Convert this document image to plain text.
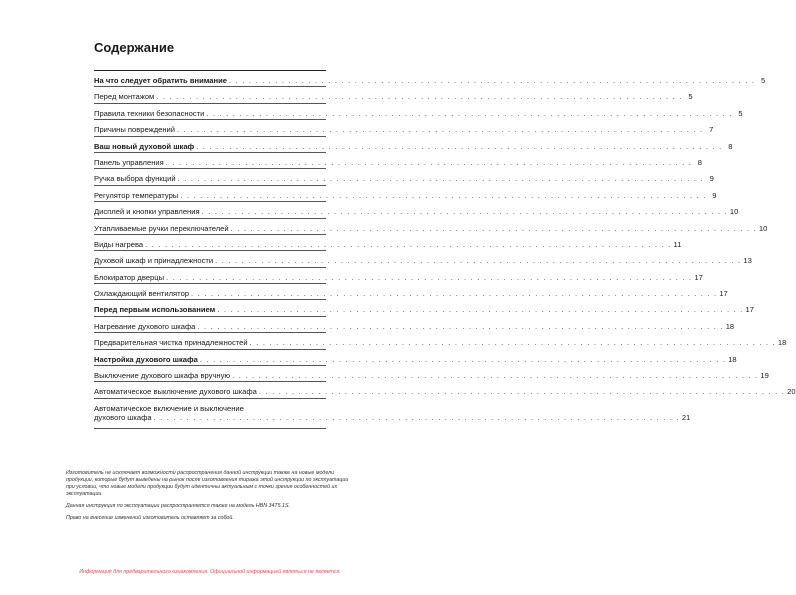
Содержание
На что следует обратить внимание . . . . . . . . . . . . . . . . . . . . . . . . . . . . . . . . . . . . . . . . . . . . . . . . . . . . . . . . . . . . . . . . . . . . . . . . . . . . . . . . 5
Перед монтажом . . . . . . . . . . . . . . . . . . . . . . . . . . . . . . . . . . . . . . . . . . . . . . . . . . . . . . . . . . . . . . . . . . . . . . . . . . . . . . . . 5
Правила техники безопасности . . . . . . . . . . . . . . . . . . . . . . . . . . . . . . . . . . . . . . . . . . . . . . . . . . . . . . . . . . . . . . . . . . . . . . . . . . . . . . . . 5
Причины повреждений . . . . . . . . . . . . . . . . . . . . . . . . . . . . . . . . . . . . . . . . . . . . . . . . . . . . . . . . . . . . . . . . . . . . . . . . . . . . . . . . 7
Ваш новый духовой шкаф . . . . . . . . . . . . . . . . . . . . . . . . . . . . . . . . . . . . . . . . . . . . . . . . . . . . . . . . . . . . . . . . . . . . . . . . . . . . . . . . 8
Панель управления . . . . . . . . . . . . . . . . . . . . . . . . . . . . . . . . . . . . . . . . . . . . . . . . . . . . . . . . . . . . . . . . . . . . . . . . . . . . . . . . 8
Ручка выбора функций . . . . . . . . . . . . . . . . . . . . . . . . . . . . . . . . . . . . . . . . . . . . . . . . . . . . . . . . . . . . . . . . . . . . . . . . . . . . . . . . 9
Регулятор температуры . . . . . . . . . . . . . . . . . . . . . . . . . . . . . . . . . . . . . . . . . . . . . . . . . . . . . . . . . . . . . . . . . . . . . . . . . . . . . . . . 9
Дисплей и кнопки управления . . . . . . . . . . . . . . . . . . . . . . . . . . . . . . . . . . . . . . . . . . . . . . . . . . . . . . . . . . . . . . . . . . . . . . . . . . . . . . . . 10
Утапливаемые ручки переключателей . . . . . . . . . . . . . . . . . . . . . . . . . . . . . . . . . . . . . . . . . . . . . . . . . . . . . . . . . . . . . . . . . . . . . . . . . . . . . . . . 10
Виды нагрева . . . . . . . . . . . . . . . . . . . . . . . . . . . . . . . . . . . . . . . . . . . . . . . . . . . . . . . . . . . . . . . . . . . . . . . . . . . . . . . . 11
Духовой шкаф и принадлежности . . . . . . . . . . . . . . . . . . . . . . . . . . . . . . . . . . . . . . . . . . . . . . . . . . . . . . . . . . . . . . . . . . . . . . . . . . . . . . . . 13
Блокиратор дверцы . . . . . . . . . . . . . . . . . . . . . . . . . . . . . . . . . . . . . . . . . . . . . . . . . . . . . . . . . . . . . . . . . . . . . . . . . . . . . . . . 17
Охлаждающий вентилятор . . . . . . . . . . . . . . . . . . . . . . . . . . . . . . . . . . . . . . . . . . . . . . . . . . . . . . . . . . . . . . . . . . . . . . . . . . . . . . . . 17
Перед первым использованием . . . . . . . . . . . . . . . . . . . . . . . . . . . . . . . . . . . . . . . . . . . . . . . . . . . . . . . . . . . . . . . . . . . . . . . . . . . . . . . . 17
Нагревание духового шкафа . . . . . . . . . . . . . . . . . . . . . . . . . . . . . . . . . . . . . . . . . . . . . . . . . . . . . . . . . . . . . . . . . . . . . . . . . . . . . . . . 18
Предварительная чистка принадлежностей . . . . . . . . . . . . . . . . . . . . . . . . . . . . . . . . . . . . . . . . . . . . . . . . . . . . . . . . . . . . . . . . . . . . . . . . . . . . . . . . 18
Настройка духового шкафа . . . . . . . . . . . . . . . . . . . . . . . . . . . . . . . . . . . . . . . . . . . . . . . . . . . . . . . . . . . . . . . . . . . . . . . . . . . . . . . . 18
Выключение духового шкафа вручную . . . . . . . . . . . . . . . . . . . . . . . . . . . . . . . . . . . . . . . . . . . . . . . . . . . . . . . . . . . . . . . . . . . . . . . . . . . . . . . . 19
Автоматическое выключение духового шкафа . . . . . . . . . . . . . . . . . . . . . . . . . . . . . . . . . . . . . . . . . . . . . . . . . . . . . . . . . . . . . . . . . . . . . . . . . . . . . . . . 20
Автоматическое включение и выключение
духового шкафа . . . . . . . . . . . . . . . . . . . . . . . . . . . . . . . . . . . . . . . . . . . . . . . . . . . . . . . . . . . . . . . . . . . . . . . . . . . . . . . . 21

Изготовитель не исключает возможности распространения данной инструкции также на новые модели продукции, которые будут выведены на рынок после изготовления тиража этой инструкции по эксплуатации при условии, что новые модели продукции будут идентичны актуальным с точки зрения особенностей их эксплуатации.

Данная инструкция по эксплуатации распространяется также на модель HBN 34T5.1S.

Право на внесение изменений изготовитель оставляет за собой.

Информация для предварительного ознакомления. Официальной информацией являться не является.
